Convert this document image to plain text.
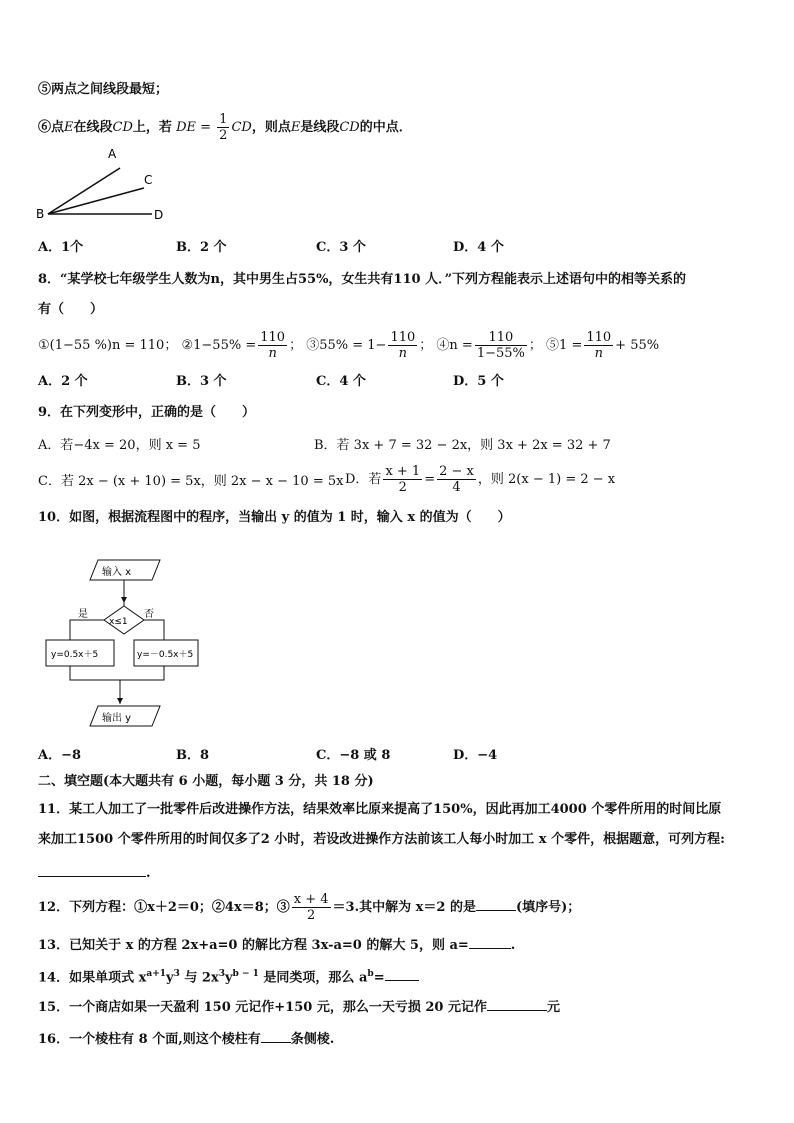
⑤两点之间线段最短；
⑥点E在线段CD上，若 DE = $\frac{1}{2}$ CD，则点E是线段CD的中点．
A
C
B	D
A．1个	B．2 个	C．3 个	D．4 个
8．“某学校七年级学生人数为n，其中男生占55%，女生共有110 人．”下列方程能表示上述语句中的相等关系的
有（　　）
①(1−55 %)n = 110； ②1−55% = $\frac{110}{n}$ ； ③55% = $1- \frac{110}{n}$ ； ④n = $\frac{110}{1-55\%}$ ； ⑤1 = $\frac{110}{n} + 55\%$
A．2 个	B．3 个	C．4 个	D．5 个
9．在下列变形中，正确的是（　　）
A．若−4x = 20，则 x = 5	B．若 3x + 7 = 32 − 2x，则 3x + 2x = 32 + 7
C．若 2x − (x + 10) = 5x，则 2x − x − 10 = 5x D．若 $\frac{x + 1}{2} = \frac{2 - x}{4}$ ，则 2(x − 1) = 2 − x
10．如图，根据流程图中的程序，当输出 y 的值为 1 时，输入 x 的值为（　　）
输入 x
x≤1
是	否
y=0.5x＋5	y=－0.5x＋5
输出 y
A．−8	B．8	C．−8 或 8	D．−4
二、填空题(本大题共有 6 小题，每小题 3 分，共 18 分)
11．某工人加工了一批零件后改进操作方法，结果效率比原来提高了150%，因此再加工4000 个零件所用的时间比原
来加工1500 个零件所用的时间仅多了2 小时，若设改进操作方法前该工人每小时加工 x 个零件，根据题意，可列方程:
.
12．下列方程：①x＋2＝0；②4x＝8；③ $\frac{x + 4}{2} =3$.其中解为 x＝2 的是	(填序号)；
13．已知关于 x 的方程 2x+a=0 的解比方程 3x-a=0 的解大 5，则 a=	.
14．如果单项式 $x^{a+1}y^3$ 与 $2x^3y^{b - 1}$ 是同类项，那么 $a^b=$
15．一个商店如果一天盈利 150 元记作+150 元，那么一天亏损 20 元记作	元
16．一个棱柱有 8 个面,则这个棱柱有 条侧棱.
